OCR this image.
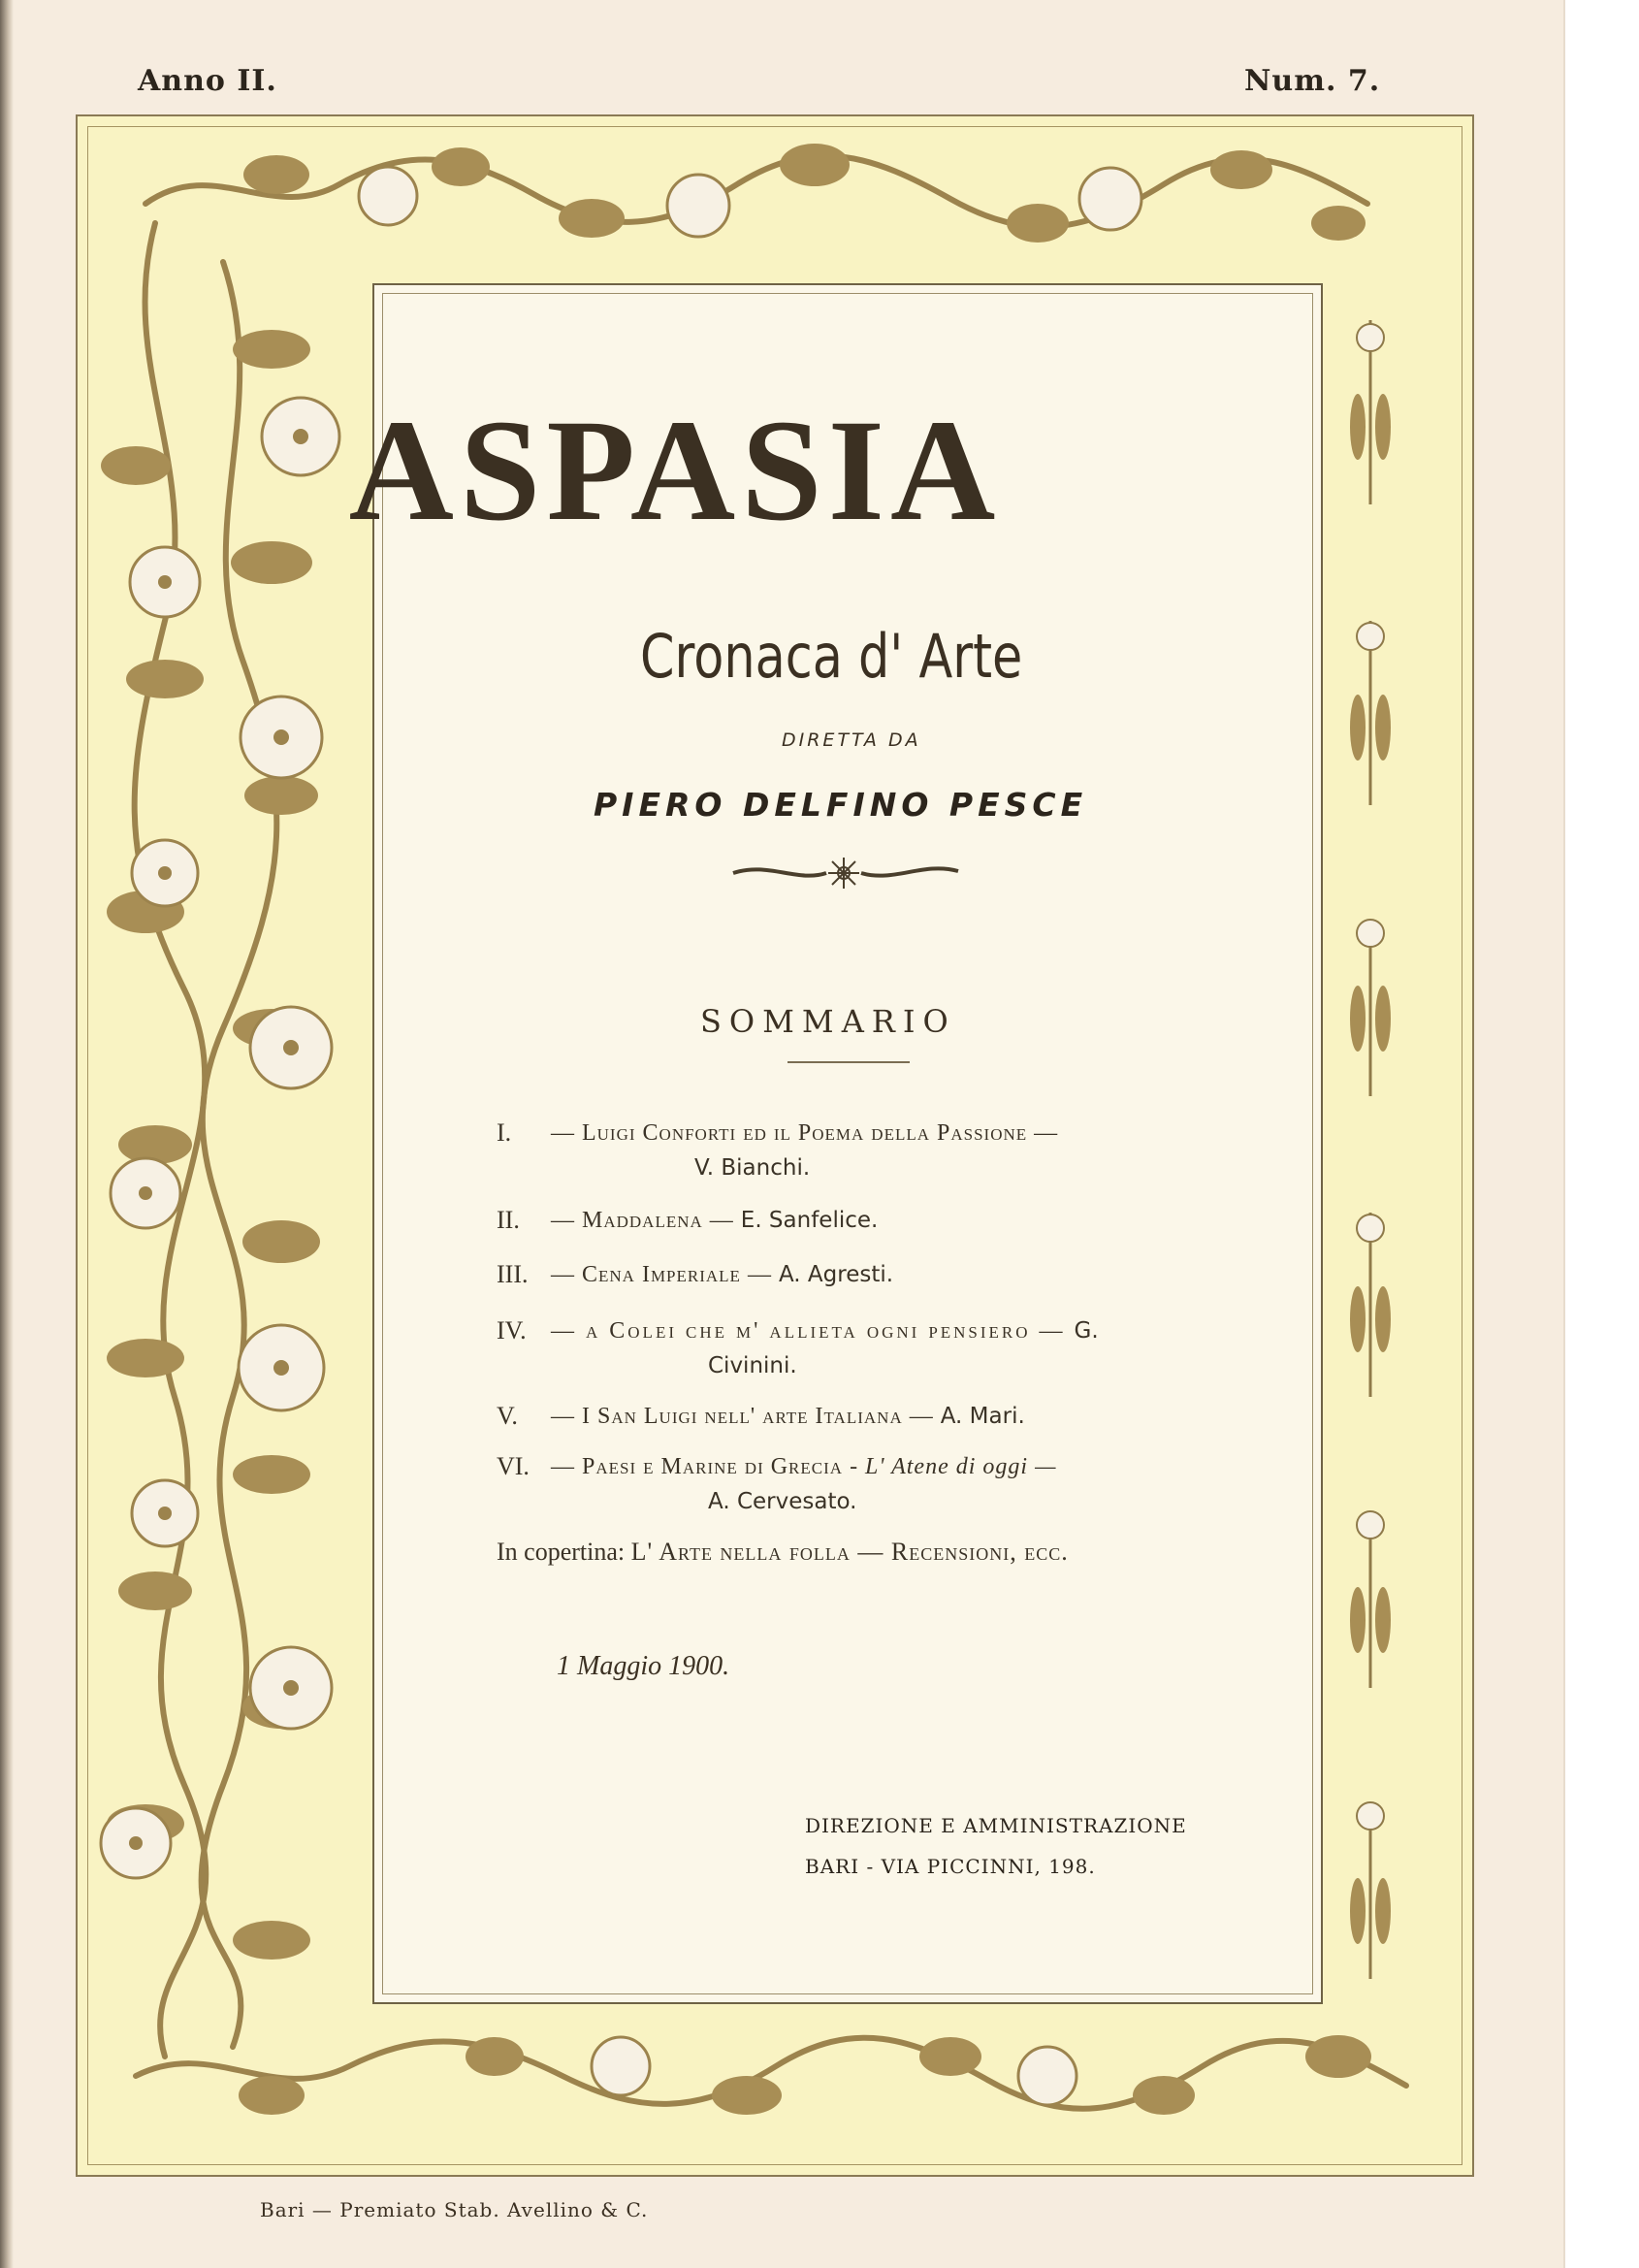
Anno II.	Num. 7.
ASPASIA
Cronaca d' Arte
DIRETTA DA
PIERO DELFINO PESCE
SOMMARIO
I. — Luigi Conforti ed il Poema della Passione —
V. Bianchi.
II. — Maddalena — E. Sanfelice.
III. — Cena Imperiale — A. Agresti.
IV. — a Colei che m' allieta ogni pensiero — G.
Civinini.
V. — I San Luigi nell' arte Italiana — A. Mari.
VI. — Paesi e Marine di Grecia - L' Atene di oggi —
A. Cervesato.
In copertina: L' Arte nella folla — Recensioni, ecc.
1 Maggio 1900.
DIREZIONE E AMMINISTRAZIONE
BARI - VIA PICCINNI, 198.
Bari — Premiato Stab. Avellino & C.
